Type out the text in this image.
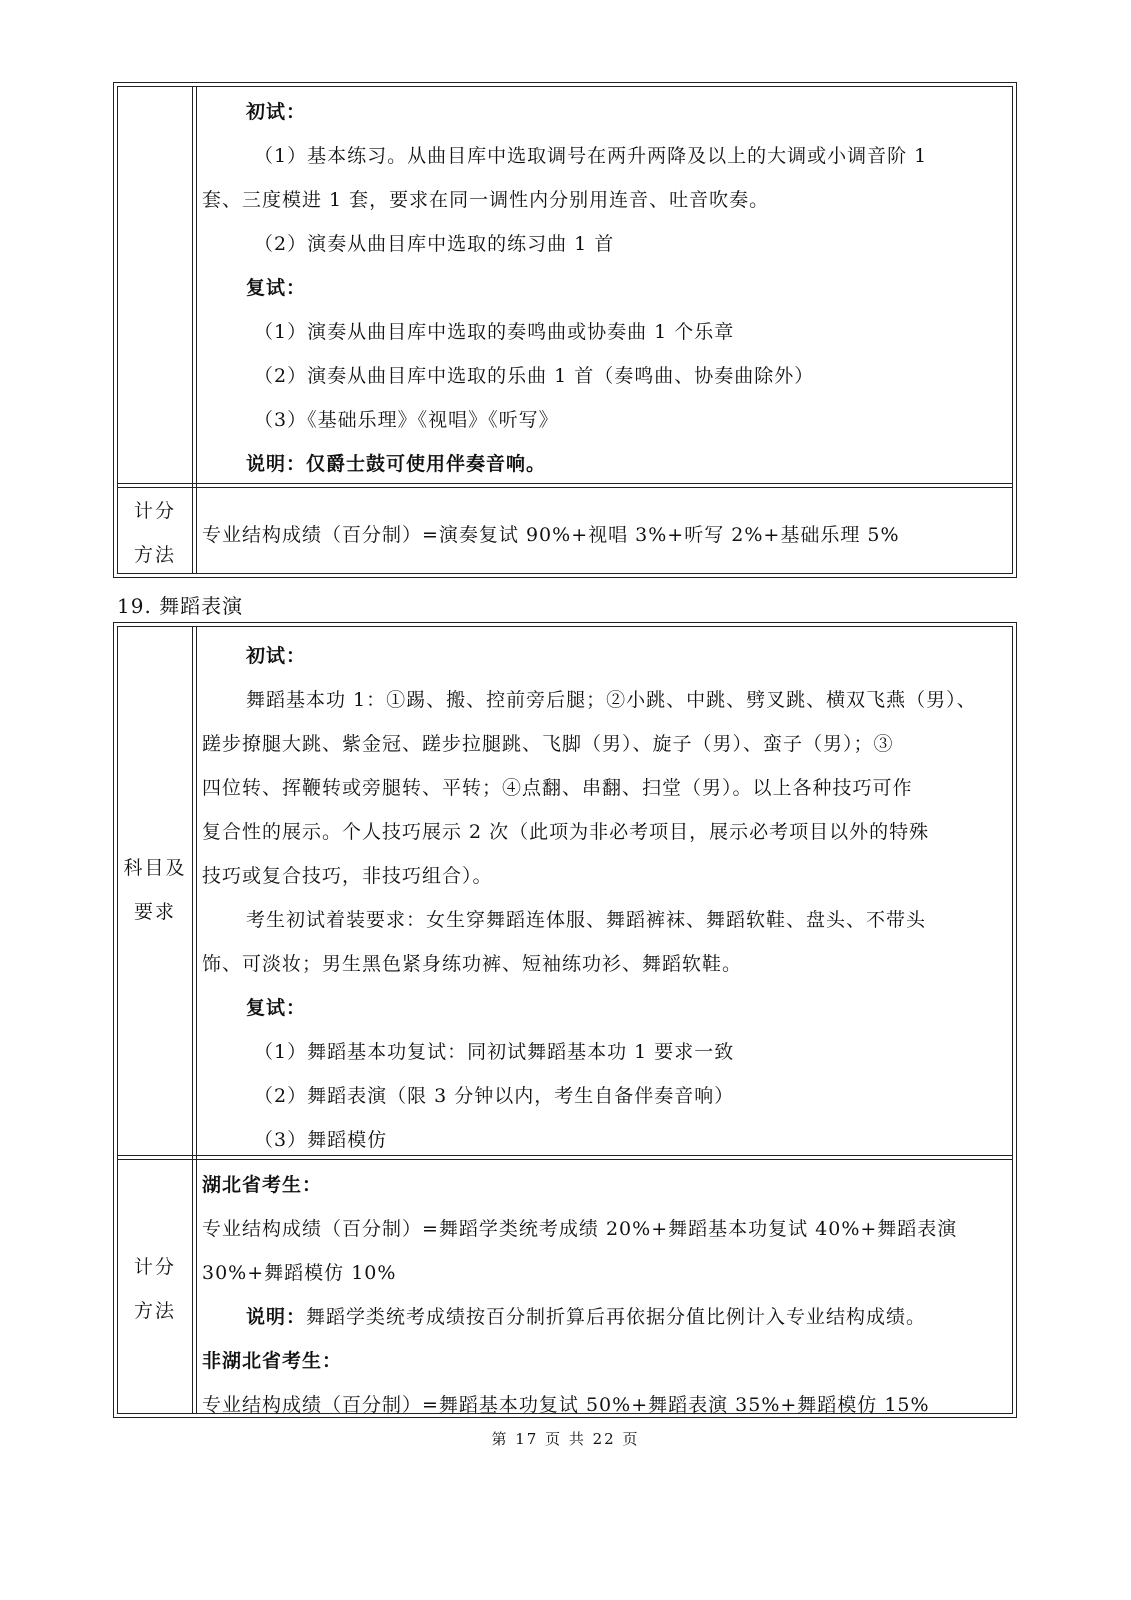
初试：
（1）基本练习。从曲目库中选取调号在两升两降及以上的大调或小调音阶 1
套、三度模进 1 套，要求在同一调性内分别用连音、吐音吹奏。
（2）演奏从曲目库中选取的练习曲 1 首
复试：
（1）演奏从曲目库中选取的奏鸣曲或协奏曲 1 个乐章
（2）演奏从曲目库中选取的乐曲 1 首（奏鸣曲、协奏曲除外）
（3）《基础乐理》《视唱》《听写》
说明：仅爵士鼓可使用伴奏音响。
计分
方法
专业结构成绩（百分制）=演奏复试 90%+视唱 3%+听写 2%+基础乐理 5%
19. 舞蹈表演
科目及
要求
初试：
舞蹈基本功 1：①踢、搬、控前旁后腿；②小跳、中跳、劈叉跳、横双飞燕（男）、
蹉步撩腿大跳、紫金冠、蹉步拉腿跳、飞脚（男）、旋子（男）、蛮子（男）；③
四位转、挥鞭转或旁腿转、平转；④点翻、串翻、扫堂（男）。以上各种技巧可作
复合性的展示。个人技巧展示 2 次（此项为非必考项目，展示必考项目以外的特殊
技巧或复合技巧，非技巧组合）。
考生初试着装要求：女生穿舞蹈连体服、舞蹈裤袜、舞蹈软鞋、盘头、不带头
饰、可淡妆；男生黑色紧身练功裤、短袖练功衫、舞蹈软鞋。
复试：
（1）舞蹈基本功复试：同初试舞蹈基本功 1 要求一致
（2）舞蹈表演（限 3 分钟以内，考生自备伴奏音响）
（3）舞蹈模仿
计分
方法
湖北省考生：
专业结构成绩（百分制）=舞蹈学类统考成绩 20%+舞蹈基本功复试 40%+舞蹈表演
30%+舞蹈模仿 10%
说明：舞蹈学类统考成绩按百分制折算后再依据分值比例计入专业结构成绩。
非湖北省考生：
专业结构成绩（百分制）=舞蹈基本功复试 50%+舞蹈表演 35%+舞蹈模仿 15%
第 17 页 共 22 页
